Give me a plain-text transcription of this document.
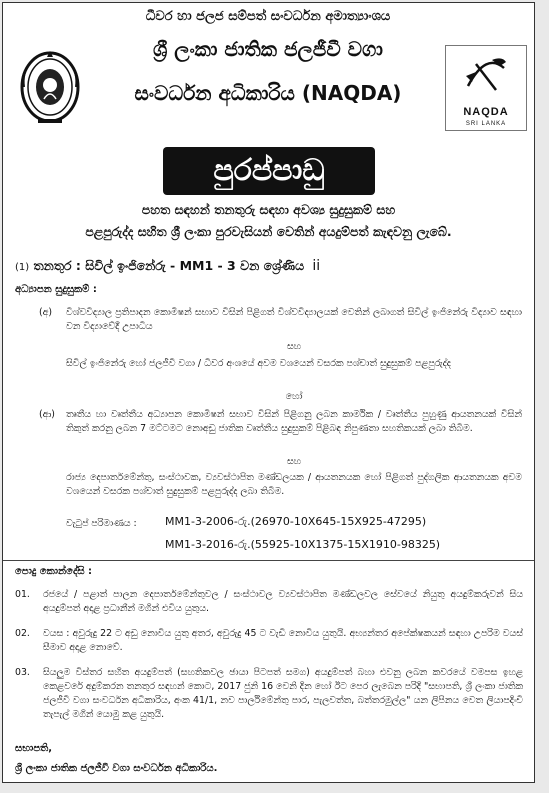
ධීවර හා ජලජ සම්පත් සංවර්ධන අමාත්‍යාංශය
ශ්‍රී ලංකා ජාතික ජලජීවී වගා
සංවර්ධන අධිකාරිය (NAQDA)
NAQDA
SRI LANKA
පුරප්පාඩු
පහත සඳහන් තනතුරු සඳහා අවශ්‍ය සුදුසුකම් සහ
පළපුරුද්ද සහිත ශ්‍රී ලංකා පුරවැසියන් වෙතින් අයදුම්පත් කැඳවනු ලැබේ.
(1) තනතුර : සිවිල් ඉංජිනේරු - MM1 - 3 වන ශ්‍රේණිය ii
අධ්‍යාපන සුදුසුකම් :
(අ) විශ්වවිද්‍යාල ප්‍රතිපාදන කොමිෂන් සභාව විසින් පිළිගත් විශ්වවිද්‍යාලයක් වෙතින් ලබාගත් සිවිල් ඉංජිනේරු විද්‍යාව සඳහා වන විද්‍යාවේදී උපාධිය
සහ
සිවිල් ඉංජිනේරු හෝ ජලජීවී වගා / ධීවර අංශයේ අවම වශයෙන් වසරක පශ්චාත් සුදුසුකම් පළපුරුද්ද
හෝ
(ආ) තෘතීය හා වෘත්තීය අධ්‍යාපන කොමිෂන් සභාව විසින් පිළිගනු ලබන කාර්මික / වෘත්තීය පුහුණු ආයතනයක් විසින් තිකුත් කරනු ලබන 7 මට්ටමට නොඅඩු ජාතික වෘත්තීය සුදුසුකම් පිළිබඳ නිපුණතා සහතිකයක් ලබා තිබීම.
සහ
රාජ්‍ය දෙපාර්තමේන්තු, සංස්ථාවක, ව්‍යවස්ථාපිත මණ්ඩලයක / ආයතනයක හෝ පිළිගත් පුද්ගලික ආයතනයක අවම වශයෙන් වසරක පශ්චාත් සුදුසුකම් පළපුරුද්ද ලබා තිබීම.
වැටුප් පරිමාණය :	MM1-3-2006-රු.(26970-10X645-15X925-47295)
MM1-3-2016-රු.(55925-10X1375-15X1910-98325)
පොදු කොන්දේසි :
01. රජයේ / පළාත් පාලන දෙපාර්තමේන්තුවල / සංස්ථාවල ව්‍යවස්ථාපිත මණ්ඩලවල සේවයේ නියුතු අයදුම්කරුවන් සිය අයදුම්පත් අදාළ ප්‍රධානීන් මගින් එවිය යුතුය.
02. වයස : අවුරුදු 22 ට අඩු නොවිය යුතු අතර, අවුරුදු 45 ට වැඩි නොවිය යුතුයි. අභ්‍යන්තර අපේක්ෂකයන් සඳහා උපරිම වයස් සීමාව අදාළ නොවේ.
03. සියලුම විස්තර සහිත අයදුම්පත් (සහතිකවල ඡායා පිටපත් සමග) අයදුම්පත් බහා එවනු ලබන කවරයේ වමපස ඉහළ කෙළවරේ අදුම්කරන තනතුර සඳහන් කොට, 2017 ජුනි 16 වෙනි දින හෝ ඊට පෙර ලැබෙන පරිදි "සභාපති, ශ්‍රී ලංකා ජාතික ජලජීවී වගා සංවර්ධන අධිකාරිය, අංක 41/1, නව පාර්ලිමේන්තු පාර, පැලවත්ත, බත්තරමුල්ල" යන ලිපිනය වෙත ලියාපදිංචි තැපැල් මගින් යොමු කළ යුතුයි.
සභාපති,
ශ්‍රී ලංකා ජාතික ජලජීවී වගා සංවර්ධන අධිකාරිය.
